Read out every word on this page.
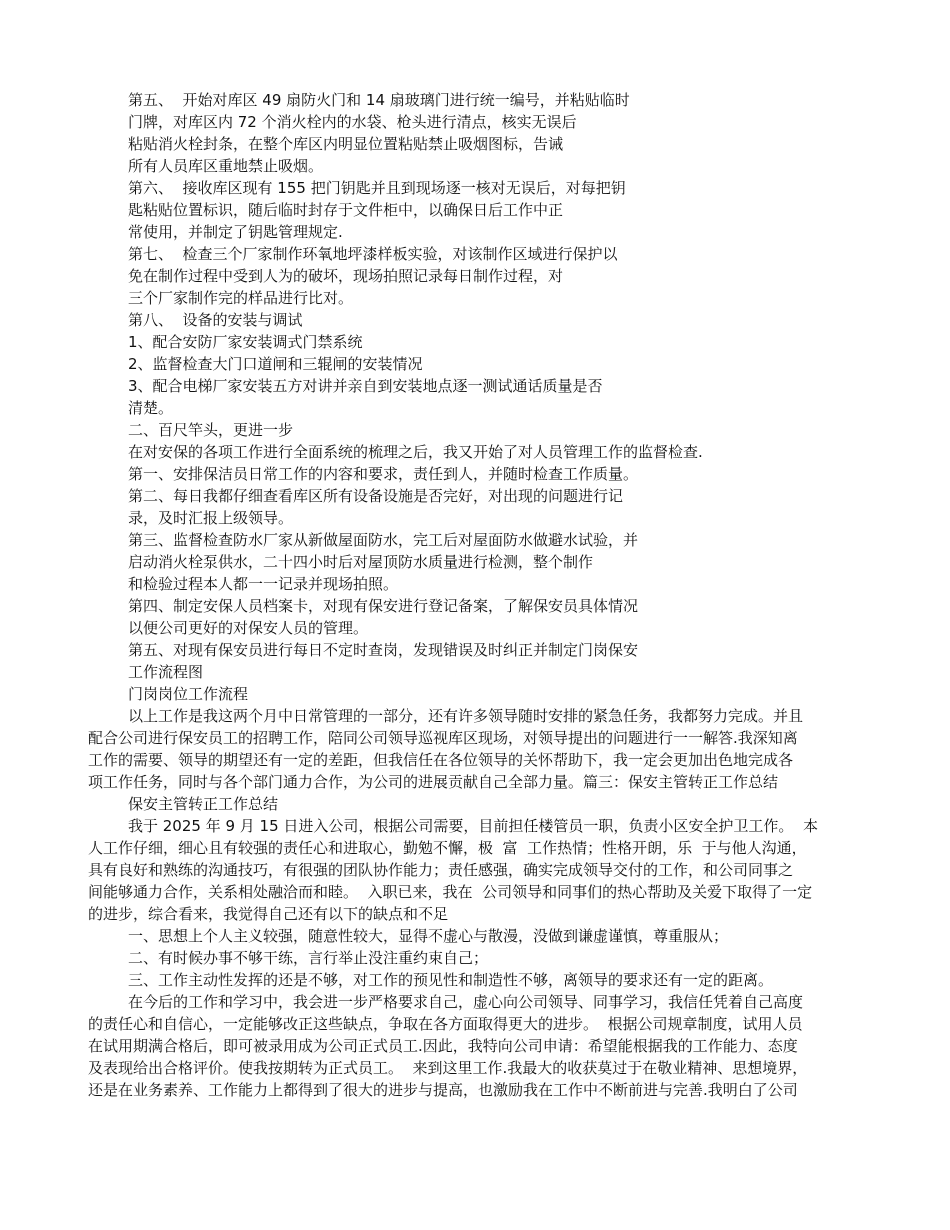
第五、  开始对库区 49 扇防火门和 14 扇玻璃门进行统一编号，并粘贴临时
门牌，对库区内 72 个消火栓内的水袋、枪头进行清点，核实无误后
粘贴消火栓封条，在整个库区内明显位置粘贴禁止吸烟图标，告诫
所有人员库区重地禁止吸烟。
第六、  接收库区现有 155 把门钥匙并且到现场逐一核对无误后，对每把钥
匙粘贴位置标识，随后临时封存于文件柜中，以确保日后工作中正
常使用，并制定了钥匙管理规定.
第七、  检查三个厂家制作环氧地坪漆样板实验，对该制作区域进行保护以
免在制作过程中受到人为的破坏，现场拍照记录每日制作过程，对
三个厂家制作完的样品进行比对。
第八、  设备的安装与调试
1、配合安防厂家安装调式门禁系统
2、监督检查大门口道闸和三辊闸的安装情况
3、配合电梯厂家安装五方对讲并亲自到安装地点逐一测试通话质量是否
清楚。
二、百尺竿头，更进一步
在对安保的各项工作进行全面系统的梳理之后，我又开始了对人员管理工作的监督检查.
第一、安排保洁员日常工作的内容和要求，责任到人，并随时检查工作质量。
第二、每日我都仔细查看库区所有设备设施是否完好，对出现的问题进行记
录，及时汇报上级领导。
第三、监督检查防水厂家从新做屋面防水，完工后对屋面防水做避水试验，并
启动消火栓泵供水，二十四小时后对屋顶防水质量进行检测，整个制作
和检验过程本人都一一记录并现场拍照。
第四、制定安保人员档案卡，对现有保安进行登记备案，了解保安员具体情况
以便公司更好的对保安人员的管理。
第五、对现有保安员进行每日不定时查岗，发现错误及时纠正并制定门岗保安
工作流程图
门岗岗位工作流程
以上工作是我这两个月中日常管理的一部分，还有许多领导随时安排的紧急任务，我都努力完成。并且
配合公司进行保安员工的招聘工作，陪同公司领导巡视库区现场，对领导提出的问题进行一一解答.我深知离
工作的需要、领导的期望还有一定的差距，但我信任在各位领导的关怀帮助下，我一定会更加出色地完成各
项工作任务，同时与各个部门通力合作，为公司的进展贡献自己全部力量。篇三：保安主管转正工作总结
保安主管转正工作总结
我于 2025 年 9 月 15 日进入公司，根据公司需要，目前担任楼管员一职，负责小区安全护卫工作。  本
人工作仔细，细心且有较强的责任心和进取心，勤勉不懈，极  富  工作热情；性格开朗，乐  于与他人沟通，
具有良好和熟练的沟通技巧，有很强的团队协作能力；责任感强，确实完成领导交付的工作，和公司同事之
间能够通力合作，关系相处融洽而和睦。  入职已来，我在  公司领导和同事们的热心帮助及关爱下取得了一定
的进步，综合看来，我觉得自己还有以下的缺点和不足
一、思想上个人主义较强，随意性较大，显得不虚心与散漫，没做到谦虚谨慎，尊重服从；
二、有时候办事不够干练，言行举止没注重约束自己；
三、工作主动性发挥的还是不够，对工作的预见性和制造性不够，离领导的要求还有一定的距离。
在今后的工作和学习中，我会进一步严格要求自己，虚心向公司领导、同事学习，我信任凭着自己高度
的责任心和自信心，一定能够改正这些缺点，争取在各方面取得更大的进步。  根据公司规章制度，试用人员
在试用期满合格后，即可被录用成为公司正式员工.因此，我特向公司申请：希望能根据我的工作能力、态度
及表现给出合格评价。使我按期转为正式员工。  来到这里工作.我最大的收获莫过于在敬业精神、思想境界，
还是在业务素养、工作能力上都得到了很大的进步与提高，也激励我在工作中不断前进与完善.我明白了公司
